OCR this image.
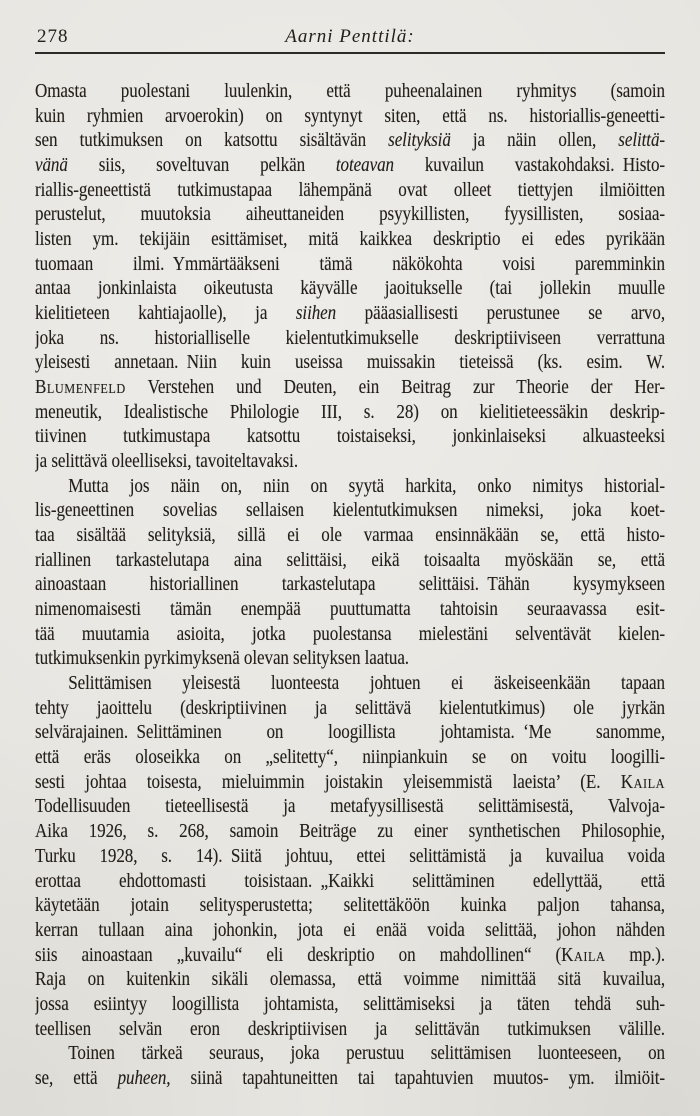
278	Aarni Penttilä:
Omasta puolestani luulenkin, että puheenalainen ryhmitys (samoin
kuin ryhmien arvoerokin) on syntynyt siten, että ns. historiallis-geneetti-
sen tutkimuksen on katsottu sisältävän selityksiä ja näin ollen, selittä-
vänä siis, soveltuvan pelkän toteavan kuvailun vastakohdaksi. Histo-
riallis-geneettistä tutkimustapaa lähempänä ovat olleet tiettyjen ilmiöitten
perustelut, muutoksia aiheuttaneiden psyykillisten, fyysillisten, sosiaa-
listen ym. tekijäin esittämiset, mitä kaikkea deskriptio ei edes pyrikään
tuomaan ilmi. Ymmärtääkseni tämä näkökohta voisi paremminkin
antaa jonkinlaista oikeutusta käyvälle jaoitukselle (tai jollekin muulle
kielitieteen kahtiajaolle), ja siihen pääasiallisesti perustunee se arvo,
joka ns. historialliselle kielentutkimukselle deskriptiiviseen verrattuna
yleisesti annetaan. Niin kuin useissa muissakin tieteissä (ks. esim. W.
Blumenfeld Verstehen und Deuten, ein Beitrag zur Theorie der Her-
meneutik, Idealistische Philologie III, s. 28) on kielitieteessäkin deskrip-
tiivinen tutkimustapa katsottu toistaiseksi, jonkinlaiseksi alkuasteeksi
ja selittävä oleelliseksi, tavoiteltavaksi.
Mutta jos näin on, niin on syytä harkita, onko nimitys historial-
lis-geneettinen sovelias sellaisen kielentutkimuksen nimeksi, joka koet-
taa sisältää selityksiä, sillä ei ole varmaa ensinnäkään se, että histo-
riallinen tarkastelutapa aina selittäisi, eikä toisaalta myöskään se, että
ainoastaan historiallinen tarkastelutapa selittäisi. Tähän kysymykseen
nimenomaisesti tämän enempää puuttumatta tahtoisin seuraavassa esit-
tää muutamia asioita, jotka puolestansa mielestäni selventävät kielen-
tutkimuksenkin pyrkimyksenä olevan selityksen laatua.
Selittämisen yleisestä luonteesta johtuen ei äskeiseenkään tapaan
tehty jaoittelu (deskriptiivinen ja selittävä kielentutkimus) ole jyrkän
selvärajainen. Selittäminen on loogillista johtamista. ‘Me sanomme,
että eräs oloseikka on „selitetty“, niinpiankuin se on voitu loogilli-
sesti johtaa toisesta, mieluimmin joistakin yleisemmistä laeista’ (E. Kaila
Todellisuuden tieteellisestä ja metafyysillisestä selittämisestä, Valvoja-
Aika 1926, s. 268, samoin Beiträge zu einer synthetischen Philosophie,
Turku 1928, s. 14). Siitä johtuu, ettei selittämistä ja kuvailua voida
erottaa ehdottomasti toisistaan. „Kaikki selittäminen edellyttää, että
käytetään jotain selitysperustetta; selitettäköön kuinka paljon tahansa,
kerran tullaan aina johonkin, jota ei enää voida selittää, johon nähden
siis ainoastaan „kuvailu“ eli deskriptio on mahdollinen“ (Kaila mp.).
Raja on kuitenkin sikäli olemassa, että voimme nimittää sitä kuvailua,
jossa esiintyy loogillista johtamista, selittämiseksi ja täten tehdä suh-
teellisen selvän eron deskriptiivisen ja selittävän tutkimuksen välille.
Toinen tärkeä seuraus, joka perustuu selittämisen luonteeseen, on
se, että puheen, siinä tapahtuneitten tai tapahtuvien muutos- ym. ilmiöit-
